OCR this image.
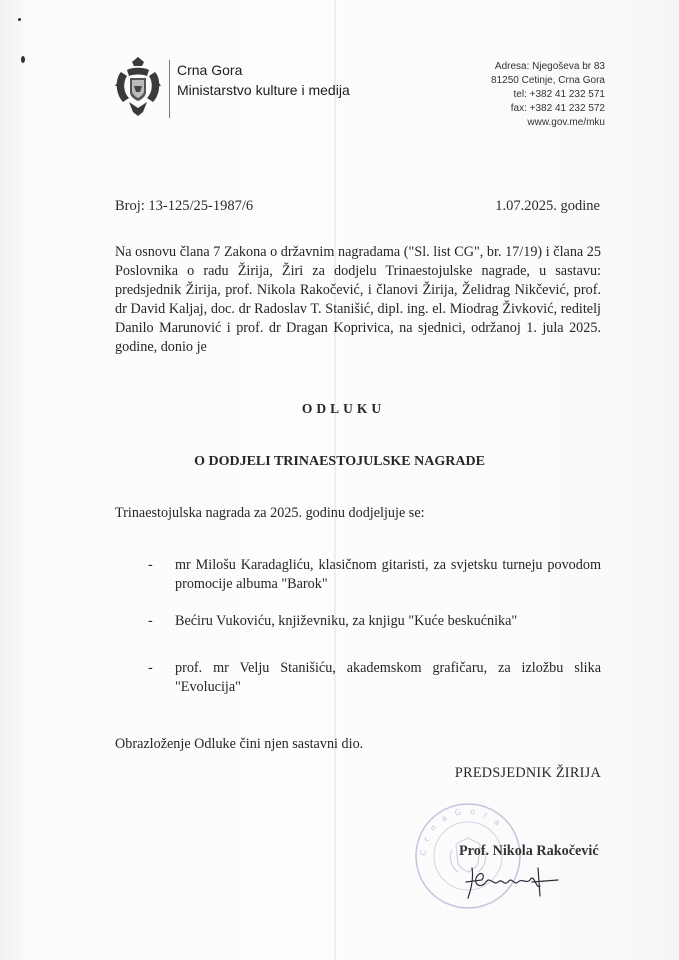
Crna Gora
Ministarstvo kulture i medija
Adresa: Njegoševa br 83
81250 Cetinje, Crna Gora
tel: +382 41 232 571
fax: +382 41 232 572
www.gov.me/mku
Broj: 13-125/25-1987/6	1.07.2025. godine

Na osnovu člana 7 Zakona o državnim nagradama ("Sl. list CG", br. 17/19) i člana 25 Poslovnika o radu Žirija, Žiri za dodjelu Trinaestojulske nagrade, u sastavu: predsjednik Žirija, prof. Nikola Rakočević, i članovi Žirija, Želidrag Nikčević, prof. dr David Kaljaj, doc. dr Radoslav T. Stanišić, dipl. ing. el. Miodrag Živković, reditelj Danilo Marunović i prof. dr Dragan Koprivica, na sjednici, održanoj 1. jula 2025. godine, donio je

ODLUKU
O DODJELI TRINAESTOJULSKE NAGRADE
Trinaestojulska nagrada za 2025. godinu dodjeljuje se:
-	mr Milošu Karadagliću, klasičnom gitaristi, za svjetsku turneju povodom promocije albuma "Barok"
-	Bećiru Vukoviću, književniku, za knjigu "Kuće beskućnika"
-	prof. mr Velju Stanišiću, akademskom grafičaru, za izložbu slika "Evolucija"
Obrazloženje Odluke čini njen sastavni dio.
PREDSJEDNIK ŽIRIJA
C r n a G o r a
Prof. Nikola Rakočević
